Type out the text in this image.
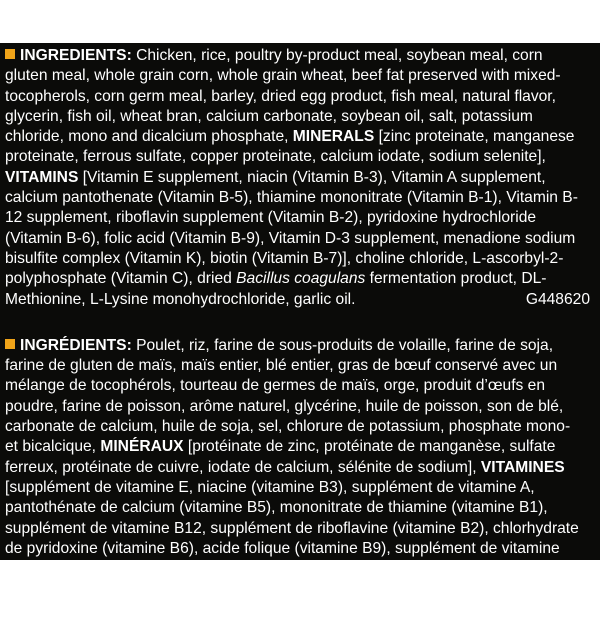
INGREDIENTS: Chicken, rice, poultry by-product meal, soybean meal, corn gluten meal, whole grain corn, whole grain wheat, beef fat preserved with mixed-tocopherols, corn germ meal, barley, dried egg product, fish meal, natural flavor, glycerin, fish oil, wheat bran, calcium carbonate, soybean oil, salt, potassium chloride, mono and dicalcium phosphate, MINERALS [zinc proteinate, manganese proteinate, ferrous sulfate, copper proteinate, calcium iodate, sodium selenite], VITAMINS [Vitamin E supplement, niacin (Vitamin B-3), Vitamin A supplement, calcium pantothenate (Vitamin B-5), thiamine mononitrate (Vitamin B-1), Vitamin B-12 supplement, riboflavin supplement (Vitamin B-2), pyridoxine hydrochloride (Vitamin B-6), folic acid (Vitamin B-9), Vitamin D-3 supplement, menadione sodium bisulfite complex (Vitamin K), biotin (Vitamin B-7)], choline chloride, L-ascorbyl-2-polyphosphate (Vitamin C), dried Bacillus coagulans fermentation product, DL-Methionine, L-Lysine monohydrochloride, garlic oil.	G448620
INGRÉDIENTS: Poulet, riz, farine de sous-produits de volaille, farine de soja, farine de gluten de maïs, maïs entier, blé entier, gras de bœuf conservé avec un mélange de tocophérols, tourteau de germes de maïs, orge, produit d’œufs en poudre, farine de poisson, arôme naturel, glycérine, huile de poisson, son de blé, carbonate de calcium, huile de soja, sel, chlorure de potassium, phosphate mono- et bicalcique, MINÉRAUX [protéinate de zinc, protéinate de manganèse, sulfate ferreux, protéinate de cuivre, iodate de calcium, sélénite de sodium], VITAMINES [supplément de vitamine E, niacine (vitamine B3), supplément de vitamine A, pantothénate de calcium (vitamine B5), mononitrate de thiamine (vitamine B1), supplément de vitamine B12, supplément de riboflavine (vitamine B2), chlorhydrate de pyridoxine (vitamine B6), acide folique (vitamine B9), supplément de vitamine D3, complexe de bisulfite de sodium et de ménadione (vitamine K), biotine (vitamine B7)], chlorure de choline, L-ascorbyl-2-polyphosphate (vitamine C), produit de fermentation Bacillus coagulans déshydraté, DL-méthionine, monochlorhydrate de L-lysine, sulfure d’allyle.	G448620
